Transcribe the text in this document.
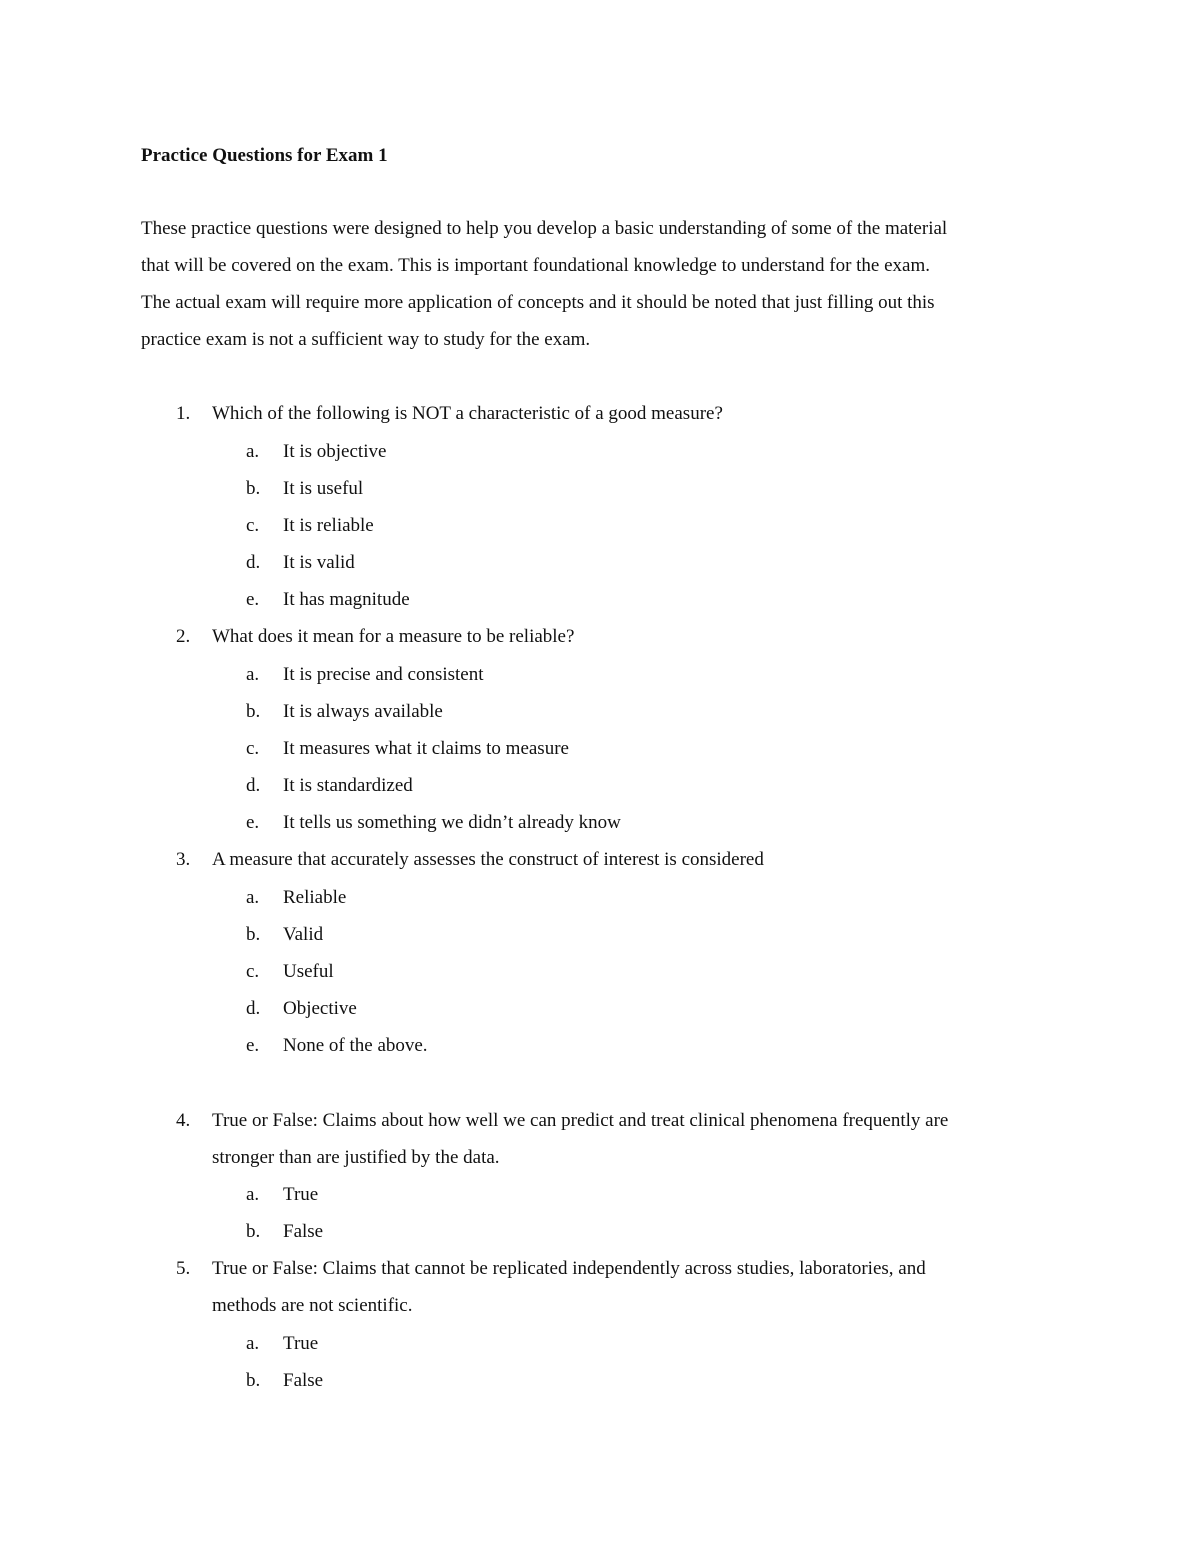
Practice Questions for Exam 1
These practice questions were designed to help you develop a basic understanding of some of the material
that will be covered on the exam. This is important foundational knowledge to understand for the exam.
The actual exam will require more application of concepts and it should be noted that just filling out this
practice exam is not a sufficient way to study for the exam.
1. Which of the following is NOT a characteristic of a good measure?
a. It is objective
b. It is useful
c. It is reliable
d. It is valid
e. It has magnitude
2. What does it mean for a measure to be reliable?
a. It is precise and consistent
b. It is always available
c. It measures what it claims to measure
d. It is standardized
e. It tells us something we didn’t already know
3. A measure that accurately assesses the construct of interest is considered
a. Reliable
b. Valid
c. Useful
d. Objective
e. None of the above.
4. True or False: Claims about how well we can predict and treat clinical phenomena frequently are
stronger than are justified by the data.
a. True
b. False
5. True or False: Claims that cannot be replicated independently across studies, laboratories, and
methods are not scientific.
a. True
b. False
